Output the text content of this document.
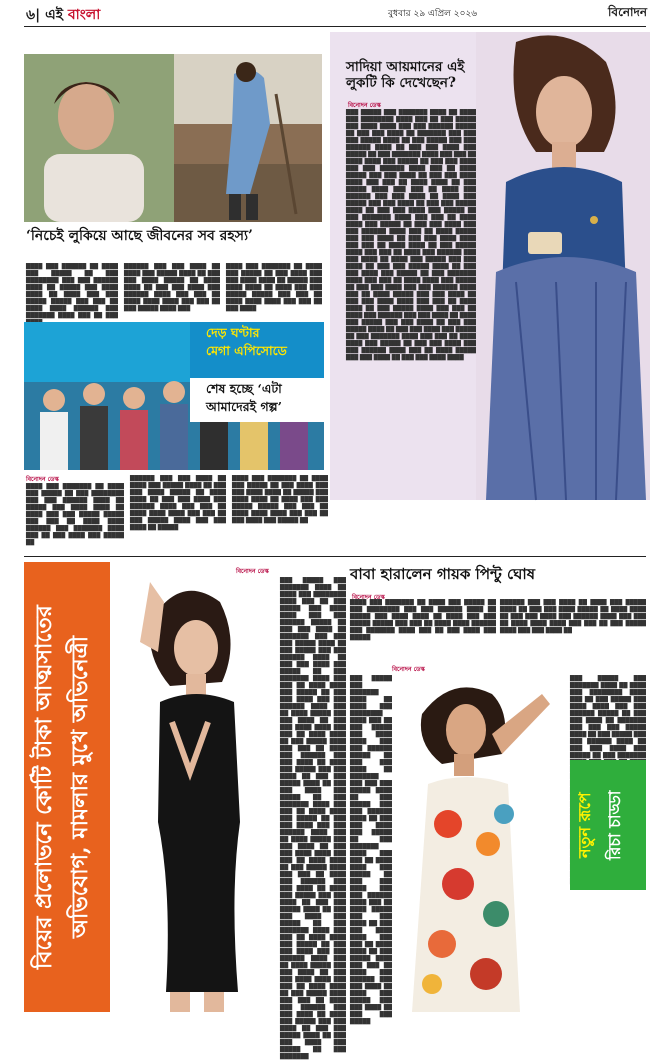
৬| এই বাংলা	বুধবার ২৯ এপ্রিল ২০২৬	বিনোদন
‘নিচেই লুকিয়ে আছে জীবনের সব রহস্য’
████ ███ ██████ ██ ████ ███ █████ ██ ███ ████████ ███ ███ ██████ ████ ██ █████ ███ ████ ████ ██ ████ ███ ███ █████ █████ ███ ███ ██ ████ ████ ██████ ███ ███████ ████ ███ ██ ███
██████ ███ ███ ████ ██ ████ ███ █████ ████ ██ ███ ███ ████ █████ ██ ████ ████ ██ ███ ███ ████ ███ ██████ ████ ███ ███ ██ ████ ████ ████ ███ ███ ██ ███ █████ ████ ███
████ ███ ███████ ██ ████ ███ █████ ██ ███ ████ ███ ███ ████ ████ ██ █████ ███ ████ ████ ██ ████ ███ ███ █████ █████ ███ ███ ██ ████ ████ ████ ███ ███ ██ ███ ████
সাদিয়া আয়মানের এই
লুকটি কি দেখেছেন?
বিনোদন ডেস্ক
███ █████ ███ ███████ ████ ██ ████ ███ ████████ ████ ███ ██ ███ █████ ███ ████ ████ ███ ███ ██████ █████ ██ ███ ███ ████ ██ ███████ ███ ███ ███ █████ ████ ██ ███ █████ ███ ███ ██████ ████ ██ ███ ███ ████ ███ █████ ██ ███ ███████ ████ ███ ███ ██ ████ ████ ███ █████ ██ ███ ███ ████ ███ ███ ██████ ████ ███ ██ ████ █████ ███ ███ ████ ██ ███ ███ ████ ████ ███ ███ ██ ████ ████ ██ ███ █████ ████ ███ ███ ██ ████ ███ ██████ ███ ███ ████ ██ ████ ███ █████ ███ ███ ████ ██ ███ ███ █████ ████ ██ ███ ███ ████ ███ █████ ██ ███ ███████ ████ ███ ███ ██ ████ ████ ███ █████ ██ ███ ███ ████ ███ ███ ██████ ████ ███ ██ ████ █████ ███ ███ ████ ██ ███ ███ ████ ████ ███ ███ ██ ████ ████ ██ ███ █████ ████ ███ ███ ██ ████ ███ ██████ ███ ███ ████ ██ ████ ███ █████ ███ ███ ████ ██ ███ ███ █████ ████ ██ ███ ███ ████ ███ █████ ██ ███ ███████ ████ ███ ███ ██ ████ ████ ███ █████ ██ ███ ███ ████ ███ ███ ██████ ████ ███ ██ ████ █████ ███ ███ ████ ██ ███ ███ ████ ████ ███ ███ ██ ████ ████ ██ ███ █████ ████ ███ ███ ██ ████ ███ ██████ ███ ███ ████ ██ ████ ███ █████ ███ ███ ████ ██ ███ ███ █████ ████ ██ ███ ███ ████ ███ █████ ██ ███ ███████ ████ ███ ███ ██ ████ ████ ███ █████ ██ ███ ███ ████ ███ ███ ██████ ████ ███ ██ ████ █████ ███ ███ ████ ██ ███ ███ ████ ████
দেড় ঘণ্টার
মেগা এপিসোডে
শেষ হচ্ছে ‘এটা
আমাদেরই গল্প’
বিনোদন ডেস্ক
████ ███ ███████ ██ ████ ███ █████ ██ ███ ████████ ███ ███ ██████ ████ ██ █████ ███ ████ ████ ██ ████ ███ ███ █████ █████ ███ ███ ██ ████ ████ ██████ ███ ███████ ████ ███ ██ ███ ████ ███ █████ ██
██████ ███ ███ ████ ██ ████ ███ █████ ████ ██ ███ ███ ████ █████ ██ ████ ████ ██ ███ ███ ████ ███ ██████ ████ ███ ███ ██ ████ ████ ████ ███ ███ ██ ███ █████ ████ ███ ███ ████ ██ █████
████ ███ ███████ ██ ████ ███ █████ ██ ███ ████ ███ ███ ████ ████ ██ █████ ███ ████ ████ ██ ████ ███ ███ █████ █████ ███ ███ ██ ████ ████ ████ ███ ███ ██ ███ ████ ███ █████ ██
বিয়ের প্রলোভনে কোটি টাকা আত্মসাতের অভিযোগ, মামলার মুখে অভিনেত্রী
বিনোদন ডেস্ক
███ █████ ███ ███████ ████ ██ ████ ███ ████████ ████ ███ ██ ███ █████ ███ ████ ████ ███ ███ ██████ █████ ██ ███ ███ ████ ██ ███████ ███ ███ ███ █████ ████ ██ ███ █████ ███ ███ ██████ ████ ██ ███ ███ ████ ███ █████ ██ ███ ███████ ████ ███ ███ ██ ████ ████ ███ █████ ██ ███ ███ ████ ███ ███ ██████ ████ ███ ██ ████ █████ ███ ███ ████ ██ ███ ███ ████ ████ ███ ███ ██ ████ ████ ██ ███ █████ ████ ███ ███ ██ ████ ███ ██████ ███ ███ ████ ██ ████ ███ █████ ███ ███ ████ ██ ███ ███ █████ ████ ██ ███ ███ ████ ███ █████ ██ ███ ███████ ████ ███ ███ ██ ████ ████ ███ █████ ██ ███ ███ ████ ███ ███ ██████ ████ ███ ██ ████ █████ ███ ███ ████ ██ ███ ███ ████ ████ ███ ███ ██ ████ ████ ██ ███ █████ ████ ███ ███ ██ ████ ███ ██████ ███ ███ ████ ██ ████ ███ █████ ███ ███ ████ ██ ███ ███ █████ ████ ██ ███ ███ ████ ███ █████ ██ ███ ███████ ████ ███ ███ ██ ████ ████ ███ █████ ██ ███ ███ ████ ███ ███ ██████ ████ ███ ██ ████ █████ ███ ███ ████ ██ ███ ███ ████ ████ ███ ███ ██ ████ ████ ██ ███ █████ ████ ███ ███ ██ ████ ███ ██████ ███ ███ ████ ██ ████ ███ █████ ███ ███ ████ ██ ███ ███ █████ ████ ██ ███ ███ ████ ███ █████ ██ ███ ███████
বাবা হারালেন গায়ক পিন্টু ঘোষ
বিনোদন ডেস্ক
████ ███ ███████ ██ ████ ███ █████ ██ ███ ████████ ███ ███ ██████ ████ ██ █████ ███ ████ ████ ██ ████ ███ ███ █████ █████ ███ ███ ██ ████ ████ ██████ ███ ███████ ████ ███ ██ ███ ████ ███ █████
██████ ███ ███ ████ ██ ████ ███ █████ ████ ██ ███ ███ ████ █████ ██ ████ ████ ██ ███ ███ ████ ███ ██████ ████ ███ ███ ██ ████ ████ ████ ███ ███ ██ ███ █████ ████ ███ ███ ████ ██
বিনোদন ডেস্ক
███ █████ ███ ███████ ████ ██ ████ ███ ████████ ████ ███ ██ ███ █████ ███ ████ ████ ███ ███ ██████ █████ ██ ███ ███ ████ ██ ███████ ███ ███ ███ █████ ████ ██ ███ █████ ███ ███ ██████ ████ ██ ███ ███ ████ ███ █████ ██ ███ ███████ ████ ███ ███ ██ ████ ████ ███ █████ ██ ███ ███ ████ ███ ███ ██████ ████ ███ ██ ████ █████ ███ ███ ████ ██ ███ ███ ████ ████ ███ ███ ██ ████ ████ ██ ███ █████ ████ ███ ███ ██ ████ ███ ██████ ███ ███ ████ ██ ████ ███ █████ ███ ███ ████ ██ ███ ███ █████
███ █████ ███ ███████ ████ ██ ████ ███ ████████ ████ ███ ██ ███ █████ ███ ████ ████ ███ ███ ██████ █████ ██ ███ ███ ████ ██ ███████ ███ ███ ███ █████ ████ ██ ███ █████ ███ ███ ██████ ████ ██ ███ ███ ████ ███ █████ ██ ███ ███████
নতুন রূপে রিচা চাড্ডা
